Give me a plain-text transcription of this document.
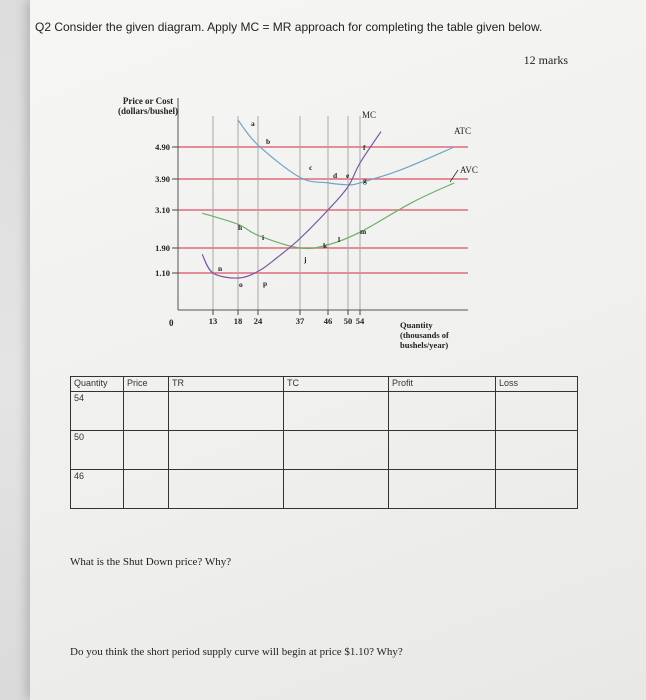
Q2 Consider the given diagram. Apply MC = MR approach for completing the table given below.
12 marks
Price or Cost (dollars/bushel)
4.90
3.90
3.10
1.90
1.10
13 18 24	37 46 50 54
MC
ATC
AVC
a
b
c
d e
f
g
h
i
j
k
l
m
n
o	p
0	Quantity (thousands of bushels/year)
Quantity	Price	TR	TC	Profit	Loss
54					
50					
46					
What is the Shut Down price? Why?
Do you think the short period supply curve will begin at price $1.10? Why?
